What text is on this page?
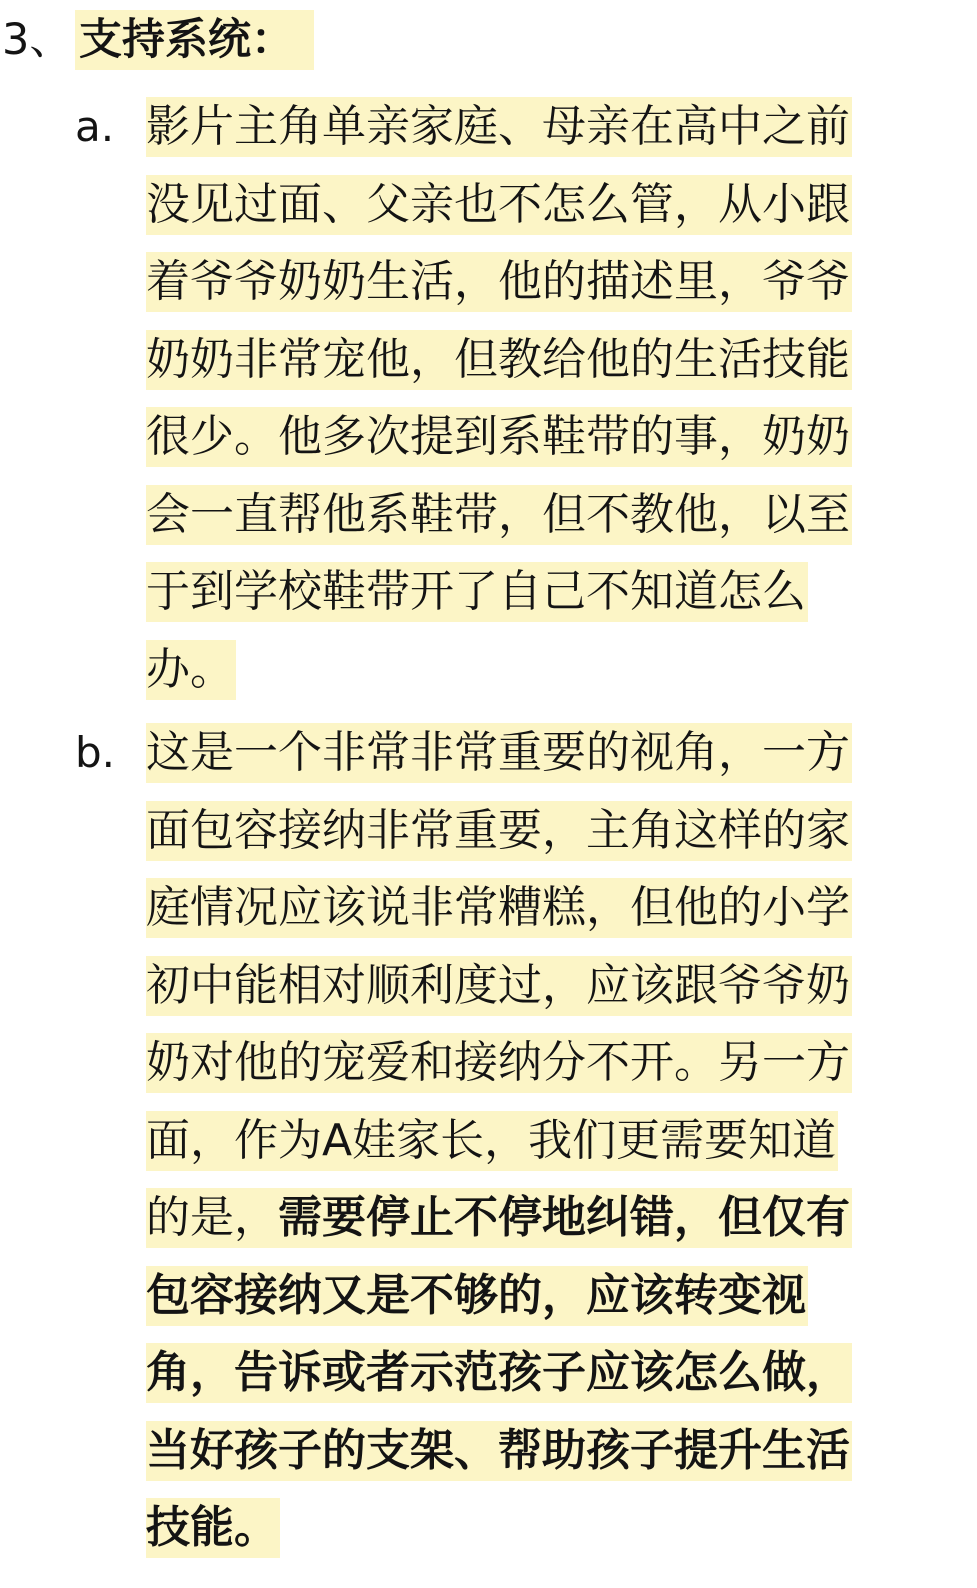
3、 支持系统：
a. 影片主角单亲家庭、母亲在高中之前
没见过面、父亲也不怎么管，从小跟
着爷爷奶奶生活，他的描述里，爷爷
奶奶非常宠他，但教给他的生活技能
很少。他多次提到系鞋带的事，奶奶
会一直帮他系鞋带，但不教他，以至
于到学校鞋带开了自己不知道怎么
办。
b. 这是一个非常非常重要的视角，一方
面包容接纳非常重要，主角这样的家
庭情况应该说非常糟糕，但他的小学
初中能相对顺利度过，应该跟爷爷奶
奶对他的宠爱和接纳分不开。另一方
面，作为A娃家长，我们更需要知道
的是，需要停止不停地纠错，但仅有
包容接纳又是不够的，应该转变视
角，告诉或者示范孩子应该怎么做，
当好孩子的支架、帮助孩子提升生活
技能。
